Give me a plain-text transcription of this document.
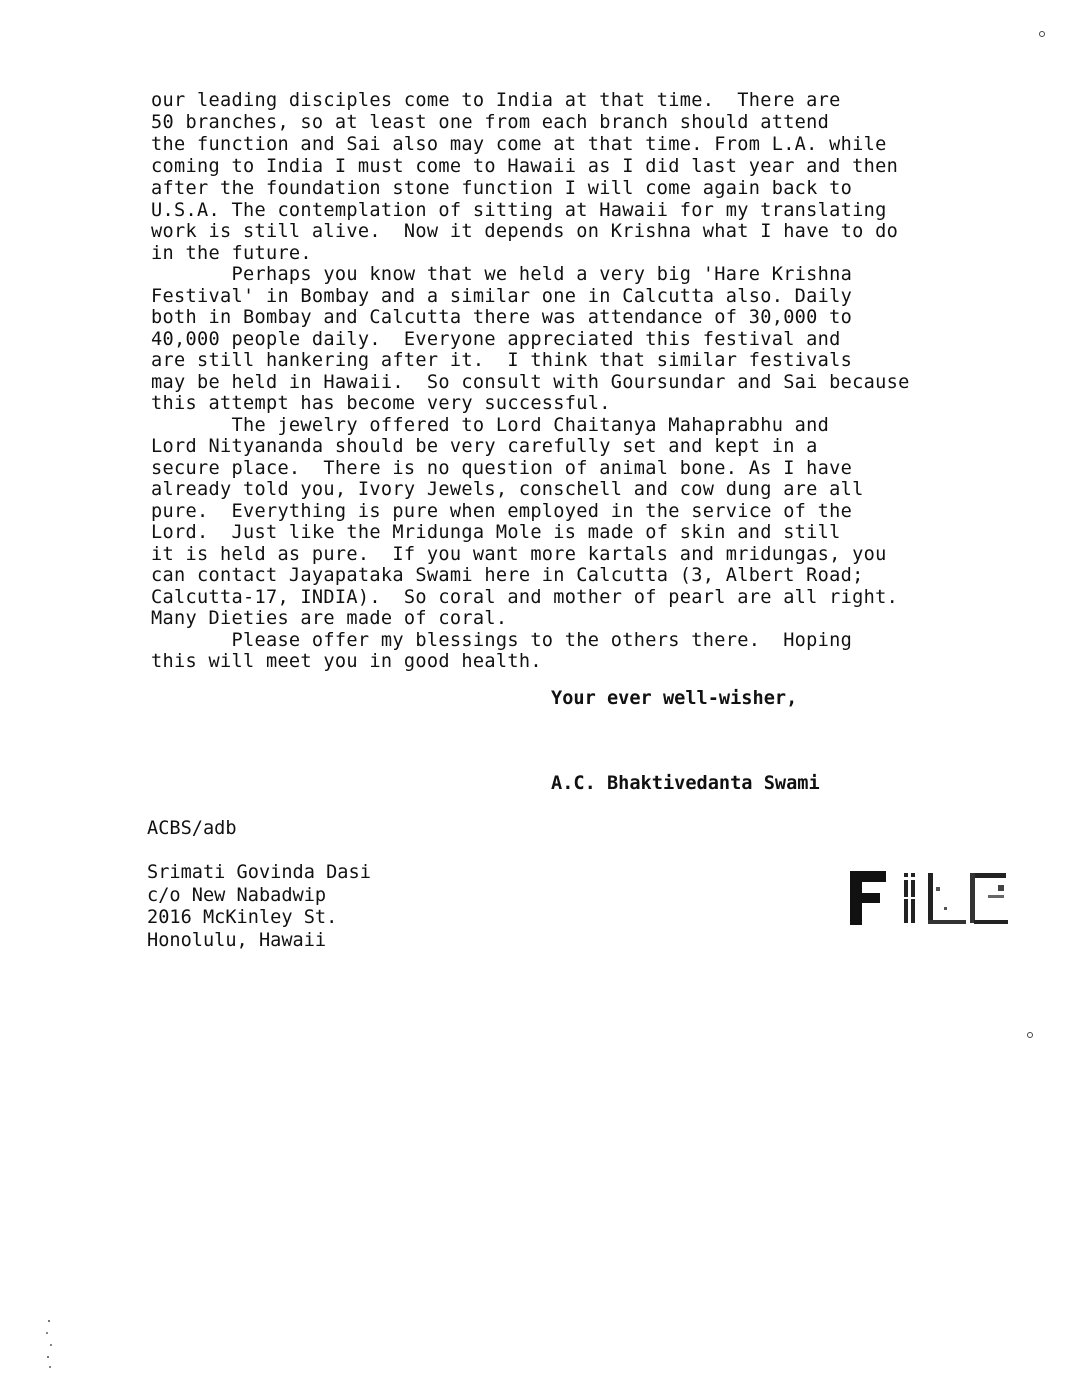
our leading disciples come to India at that time.  There are
50 branches, so at least one from each branch should attend
the function and Sai also may come at that time. From L.A. while
coming to India I must come to Hawaii as I did last year and then
after the foundation stone function I will come again back to
U.S.A. The contemplation of sitting at Hawaii for my translating
work is still alive.  Now it depends on Krishna what I have to do
in the future.
Perhaps you know that we held a very big 'Hare Krishna
Festival' in Bombay and a similar one in Calcutta also. Daily
both in Bombay and Calcutta there was attendance of 30,000 to
40,000 people daily.  Everyone appreciated this festival and
are still hankering after it.  I think that similar festivals
may be held in Hawaii.  So consult with Goursundar and Sai because
this attempt has become very successful.
The jewelry offered to Lord Chaitanya Mahaprabhu and
Lord Nityananda should be very carefully set and kept in a
secure place.  There is no question of animal bone. As I have
already told you, Ivory Jewels, conschell and cow dung are all
pure.  Everything is pure when employed in the service of the
Lord.  Just like the Mridunga Mole is made of skin and still
it is held as pure.  If you want more kartals and mridungas, you
can contact Jayapataka Swami here in Calcutta (3, Albert Road;
Calcutta-17, INDIA).  So coral and mother of pearl are all right.
Many Dieties are made of coral.
Please offer my blessings to the others there.  Hoping
this will meet you in good health.
Your ever well-wisher,
A.C. Bhaktivedanta Swami
ACBS/adb
Srimati Govinda Dasi
c/o New Nabadwip
2016 McKinley St.
Honolulu, Hawaii
